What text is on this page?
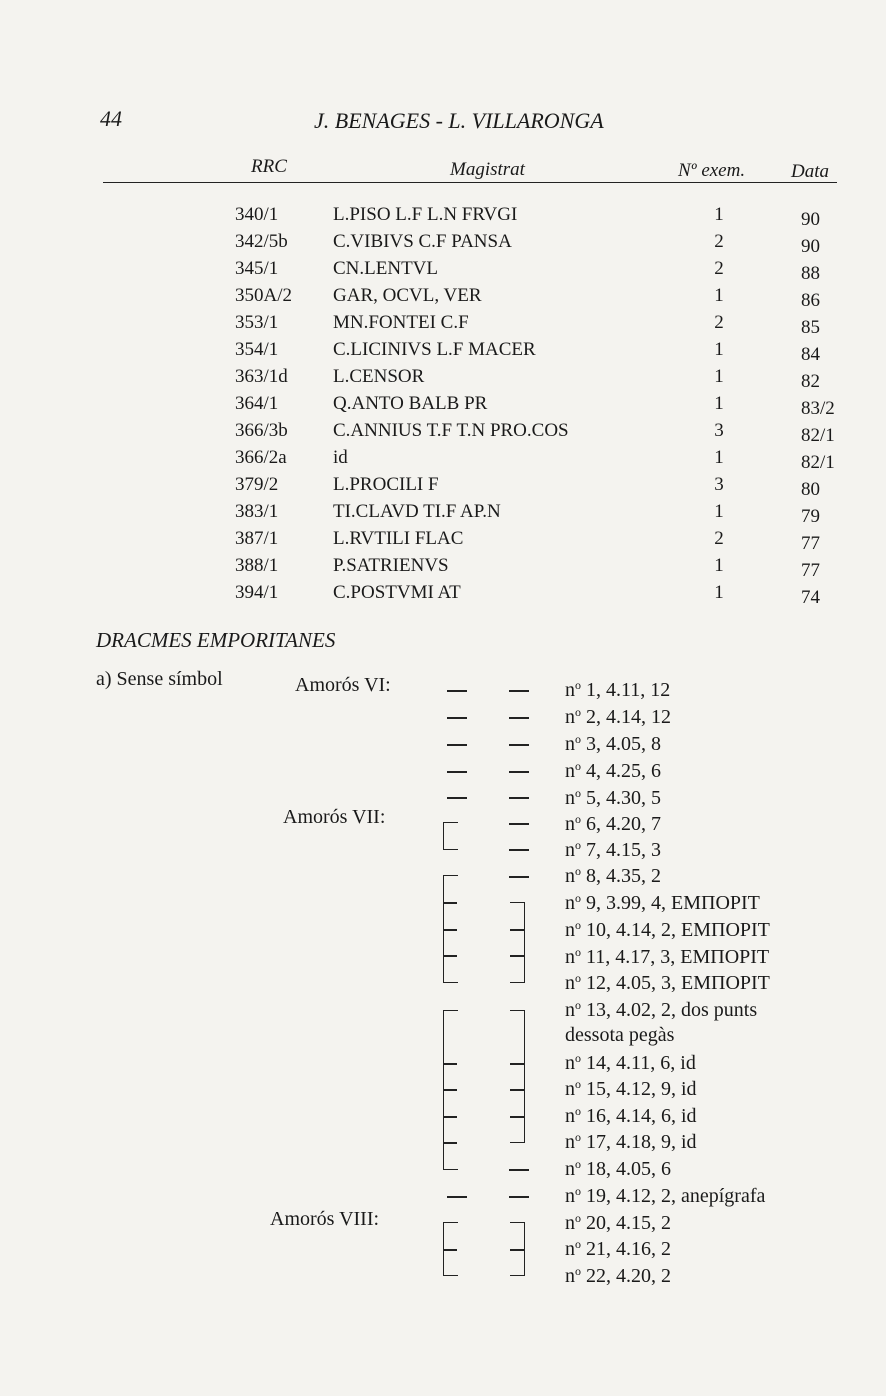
44	J. BENAGES - L. VILLARONGA
RRC	Magistrat	Nº exem. Data
340/1	L.PISO L.F L.N FRVGI	1	90
342/5b C.VIBIVS C.F PANSA	2	90
345/1	CN.LENTVL	2	88
350A/2 GAR, OCVL, VER	1	86
353/1	MN.FONTEI C.F	2	85
354/1	C.LICINIVS L.F MACER	1	84
363/1d L.CENSOR	1	82
364/1	Q.ANTO BALB PR	1	83/2
366/3b C.ANNIUS T.F T.N PRO.COS	3	82/1
366/2a id	1	82/1
379/2	L.PROCILI F	3	80
383/1	TI.CLAVD TI.F AP.N	1	79
387/1	L.RVTILI FLAC	2	77
388/1	P.SATRIENVS	1	77
394/1	C.POSTVMI AT	1	74
DRACMES EMPORITANES
a) Sense símbol	Amorós VI:
Amorós VII:
Amorós VIII:
$n^o$ 1, 4.11, 12
$n^o$ 2, 4.14, 12
$n^o$ 3, 4.05, 8
$n^o$ 4, 4.25, 6
$n^o$ 5, 4.30, 5
$n^o$ 6, 4.20, 7
$n^o$ 7, 4.15, 3
$n^o$ 8, 4.35, 2
$n^o$ 9, 3.99, 4, ΕΜΠΟΡΙΤ
$n^o$ 10, 4.14, 2, ΕΜΠΟΡΙΤ
$n^o$ 11, 4.17, 3, ΕΜΠΟΡΙΤ
$n^o$ 12, 4.05, 3, ΕΜΠΟΡΙΤ
$n^o$ 13, 4.02, 2, dos punts
dessota pegàs
$n^o$ 14, 4.11, 6, id
$n^o$ 15, 4.12, 9, id
$n^o$ 16, 4.14, 6, id
$n^o$ 17, 4.18, 9, id
$n^o$ 18, 4.05, 6
$n^o$ 19, 4.12, 2, anepígrafa
$n^o$ 20, 4.15, 2
$n^o$ 21, 4.16, 2
$n^o$ 22, 4.20, 2
